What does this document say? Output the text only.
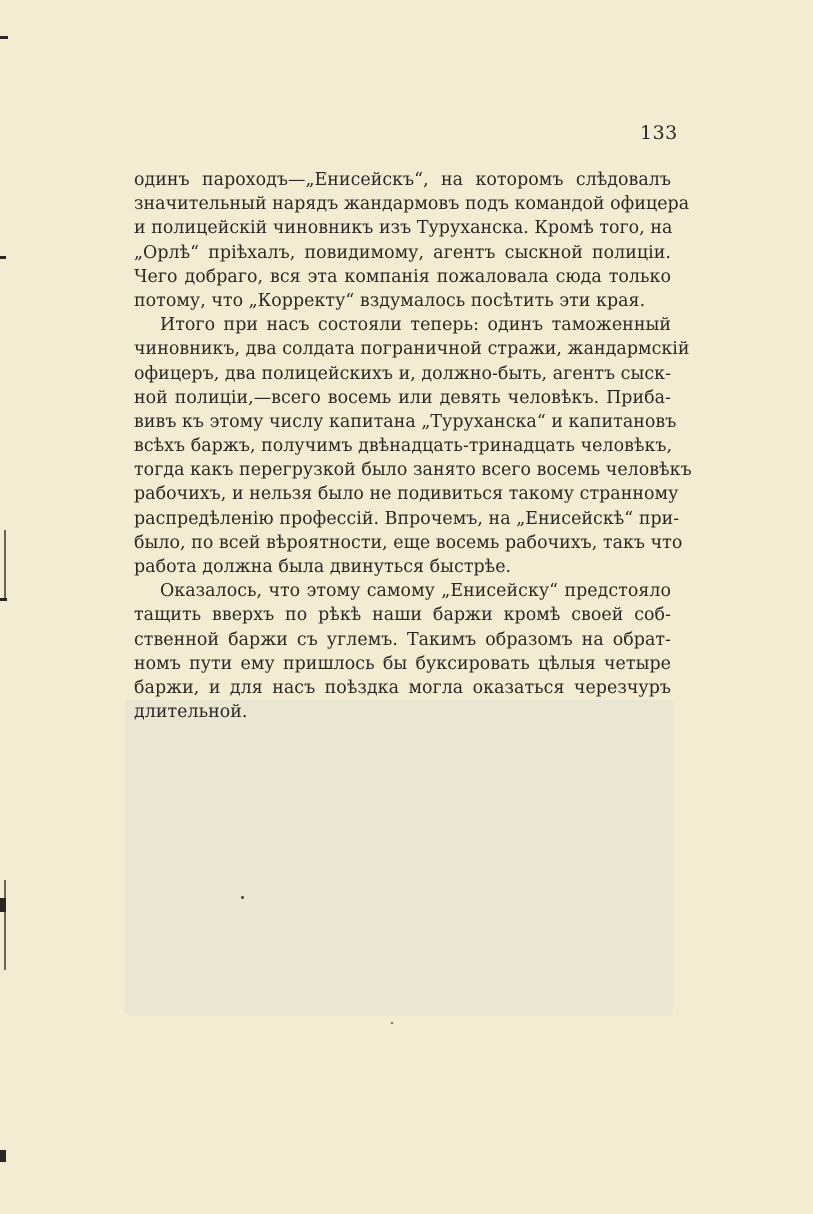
133
одинъ пароходъ—„Енисейскъ“, на которомъ слѣдовалъ
значительный нарядъ жандармовъ подъ командой офицера
и полицейскій чиновникъ изъ Туруханска. Кромѣ того, на
„Орлѣ“ пріѣхалъ, повидимому, агентъ сыскной полиціи.
Чего добраго, вся эта компанія пожаловала сюда только
потому, что „Корректу“ вздумалось посѣтить эти края.
Итого при насъ состояли теперь: одинъ таможенный
чиновникъ, два солдата пограничной стражи, жандармскій
офицеръ, два полицейскихъ и, должно-быть, агентъ сыск-
ной полиціи,—всего восемь или девять человѣкъ. Приба-
вивъ къ этому числу капитана „Туруханска“ и капитановъ
всѣхъ баржъ, получимъ двѣнадцать-тринадцать человѣкъ,
тогда какъ перегрузкой было занято всего восемь человѣкъ
рабочихъ, и нельзя было не подивиться такому странному
распредѣленію профессій. Впрочемъ, на „Енисейскѣ“ при-
было, по всей вѣроятности, еще восемь рабочихъ, такъ что
работа должна была двинуться быстрѣе.
Оказалось, что этому самому „Енисейску“ предстояло
тащить вверхъ по рѣкѣ наши баржи кромѣ своей соб-
ственной баржи съ углемъ. Такимъ образомъ на обрат-
номъ пути ему пришлось бы буксировать цѣлыя четыре
баржи, и для насъ поѣздка могла оказаться черезчуръ
длительной.
